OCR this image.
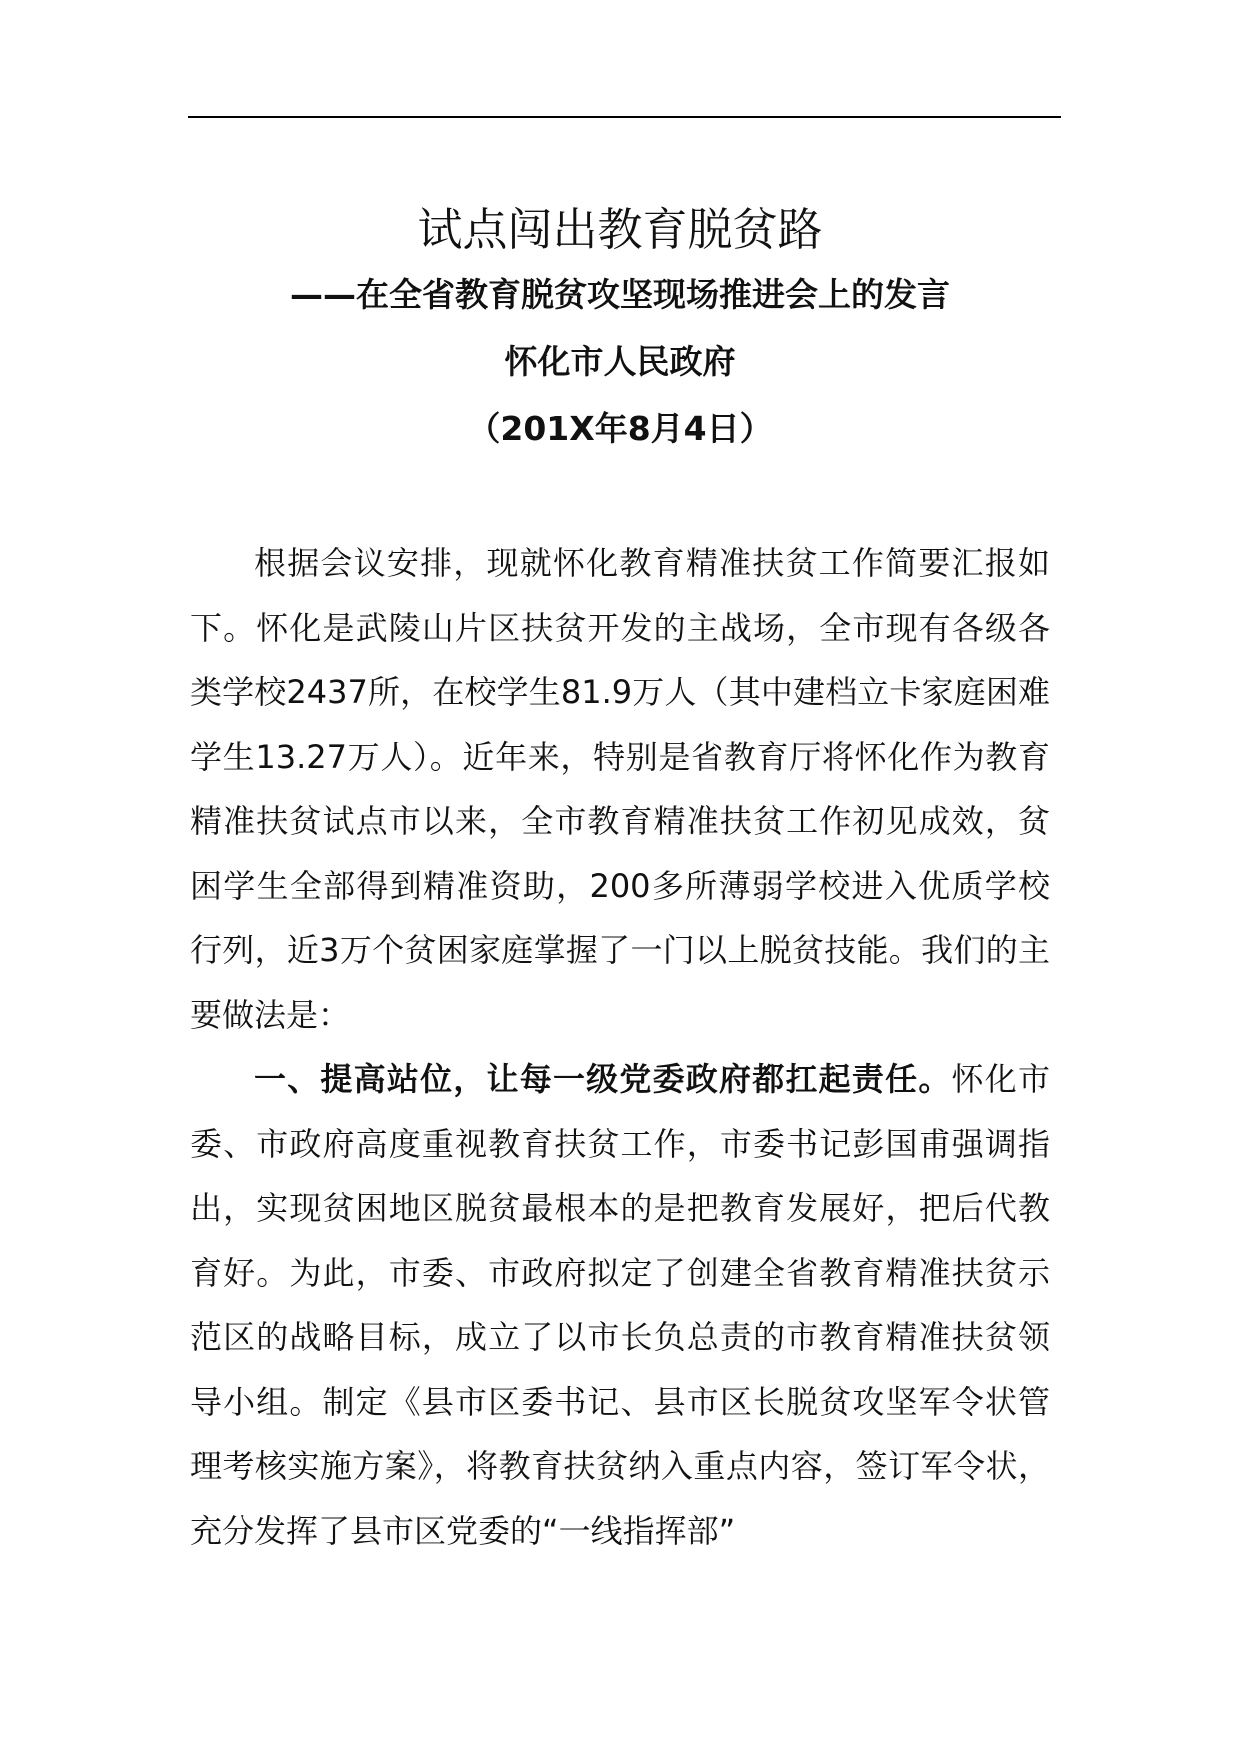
试点闯出教育脱贫路
——在全省教育脱贫攻坚现场推进会上的发言
怀化市人民政府
（201X年8月4日）

根据会议安排，现就怀化教育精准扶贫工作简要汇报如下。怀化是武陵山片区扶贫开发的主战场，全市现有各级各类学校2437所，在校学生81.9万人（其中建档立卡家庭困难学生13.27万人）。近年来，特别是省教育厅将怀化作为教育精准扶贫试点市以来，全市教育精准扶贫工作初见成效，贫困学生全部得到精准资助，200多所薄弱学校进入优质学校行列，近3万个贫困家庭掌握了一门以上脱贫技能。我们的主要做法是：

一、提高站位，让每一级党委政府都扛起责任。怀化市委、市政府高度重视教育扶贫工作，市委书记彭国甫强调指出，实现贫困地区脱贫最根本的是把教育发展好，把后代教育好。为此，市委、市政府拟定了创建全省教育精准扶贫示范区的战略目标，成立了以市长负总责的市教育精准扶贫领导小组。制定《县市区委书记、县市区长脱贫攻坚军令状管理考核实施方案》，将教育扶贫纳入重点内容，签订军令状，充分发挥了县市区党委的“一线指挥部”
